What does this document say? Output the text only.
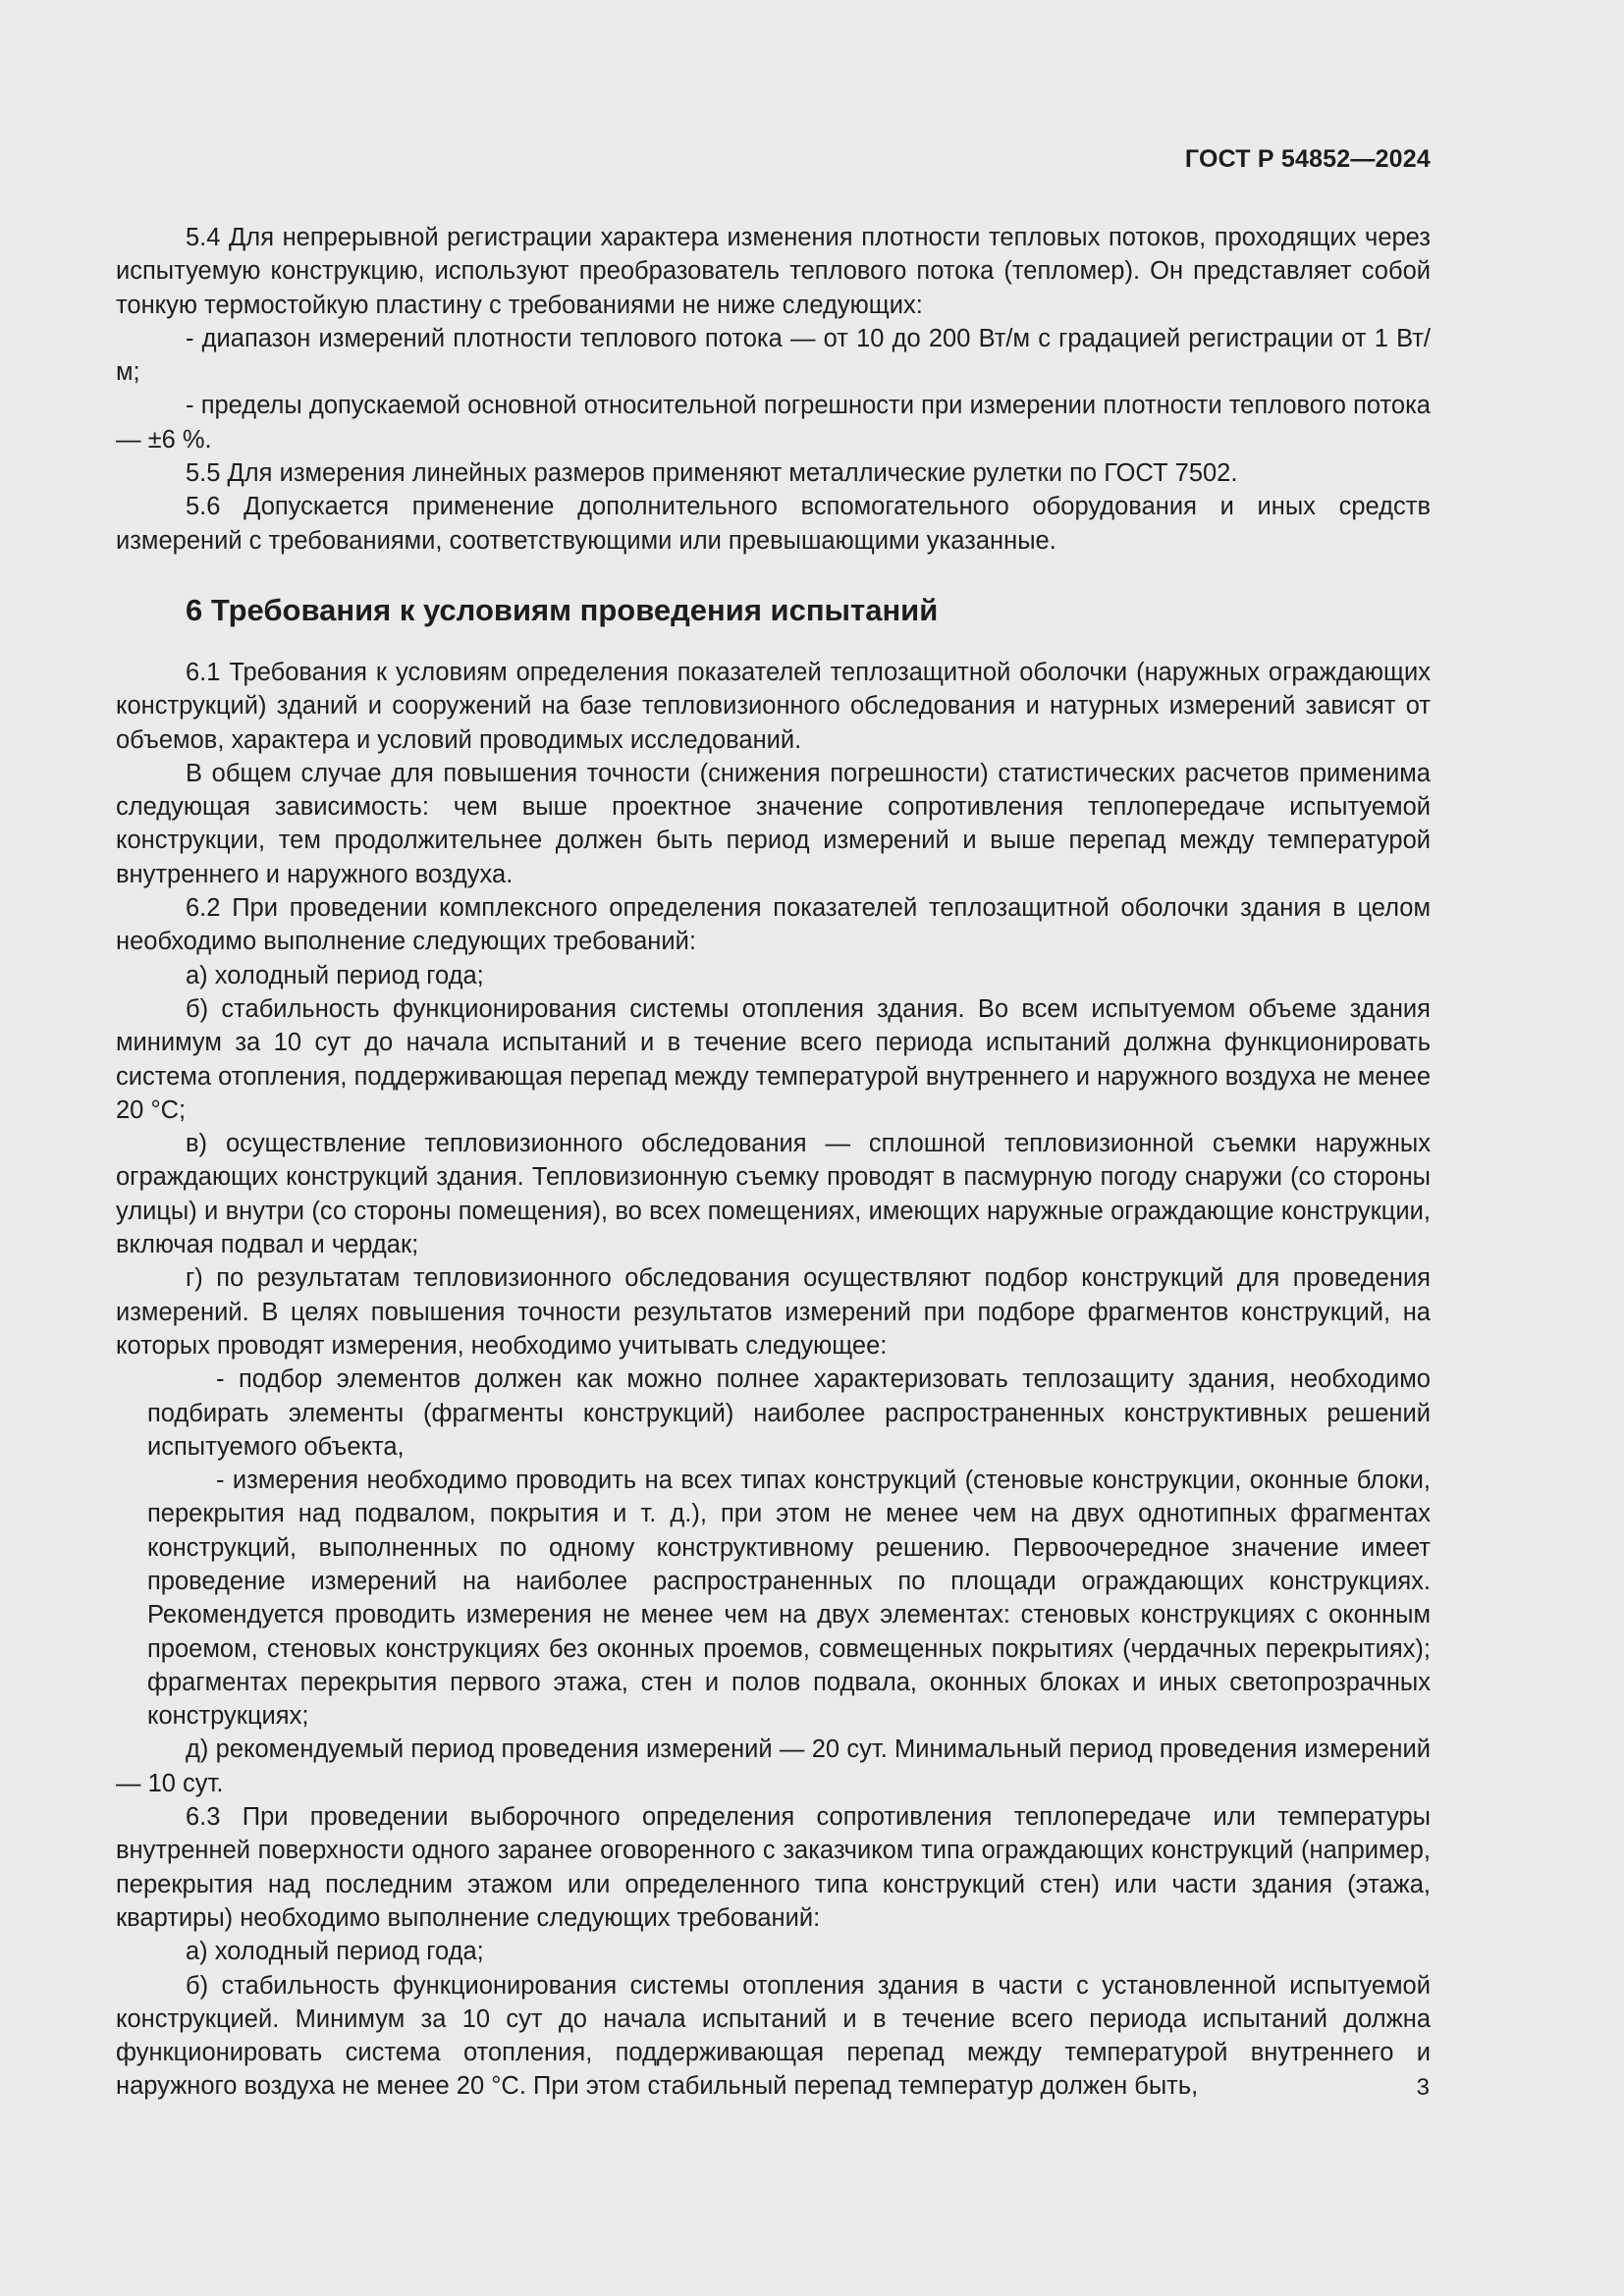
ГОСТ Р 54852—2024

5.4 Для непрерывной регистрации характера изменения плотности тепловых потоков, проходящих через испытуемую конструкцию, используют преобразователь теплового потока (тепломер). Он представляет собой тонкую термостойкую пластину с требованиями не ниже следующих:

- диапазон измерений плотности теплового потока — от 10 до 200 Вт/м с градацией регистрации от 1 Вт/м;

- пределы допускаемой основной относительной погрешности при измерении плотности теплового потока — ±6 %.

5.5 Для измерения линейных размеров применяют металлические рулетки по ГОСТ 7502.

5.6 Допускается применение дополнительного вспомогательного оборудования и иных средств измерений с требованиями, соответствующими или превышающими указанные.

6 Требования к условиям проведения испытаний

6.1 Требования к условиям определения показателей теплозащитной оболочки (наружных ограждающих конструкций) зданий и сооружений на базе тепловизионного обследования и натурных измерений зависят от объемов, характера и условий проводимых исследований.

В общем случае для повышения точности (снижения погрешности) статистических расчетов применима следующая зависимость: чем выше проектное значение сопротивления теплопередаче испытуемой конструкции, тем продолжительнее должен быть период измерений и выше перепад между температурой внутреннего и наружного воздуха.

6.2 При проведении комплексного определения показателей теплозащитной оболочки здания в целом необходимо выполнение следующих требований:

а) холодный период года;

б) стабильность функционирования системы отопления здания. Во всем испытуемом объеме здания минимум за 10 сут до начала испытаний и в течение всего периода испытаний должна функционировать система отопления, поддерживающая перепад между температурой внутреннего и наружного воздуха не менее 20 °С;

в) осуществление тепловизионного обследования — сплошной тепловизионной съемки наружных ограждающих конструкций здания. Тепловизионную съемку проводят в пасмурную погоду снаружи (со стороны улицы) и внутри (со стороны помещения), во всех помещениях, имеющих наружные ограждающие конструкции, включая подвал и чердак;

г) по результатам тепловизионного обследования осуществляют подбор конструкций для проведения измерений. В целях повышения точности результатов измерений при подборе фрагментов конструкций, на которых проводят измерения, необходимо учитывать следующее:

- подбор элементов должен как можно полнее характеризовать теплозащиту здания, необходимо подбирать элементы (фрагменты конструкций) наиболее распространенных конструктивных решений испытуемого объекта,

- измерения необходимо проводить на всех типах конструкций (стеновые конструкции, оконные блоки, перекрытия над подвалом, покрытия и т. д.), при этом не менее чем на двух однотипных фрагментах конструкций, выполненных по одному конструктивному решению. Первоочередное значение имеет проведение измерений на наиболее распространенных по площади ограждающих конструкциях. Рекомендуется проводить измерения не менее чем на двух элементах: стеновых конструкциях с оконным проемом, стеновых конструкциях без оконных проемов, совмещенных покрытиях (чердачных перекрытиях); фрагментах перекрытия первого этажа, стен и полов подвала, оконных блоках и иных светопрозрачных конструкциях;

д) рекомендуемый период проведения измерений — 20 сут. Минимальный период проведения измерений — 10 сут.

6.3 При проведении выборочного определения сопротивления теплопередаче или температуры внутренней поверхности одного заранее оговоренного с заказчиком типа ограждающих конструкций (например, перекрытия над последним этажом или определенного типа конструкций стен) или части здания (этажа, квартиры) необходимо выполнение следующих требований:

а) холодный период года;

б) стабильность функционирования системы отопления здания в части с установленной испытуемой конструкцией. Минимум за 10 сут до начала испытаний и в течение всего периода испытаний должна функционировать система отопления, поддерживающая перепад между температурой внутреннего и наружного воздуха не менее 20 °С. При этом стабильный перепад температур должен быть,	3
